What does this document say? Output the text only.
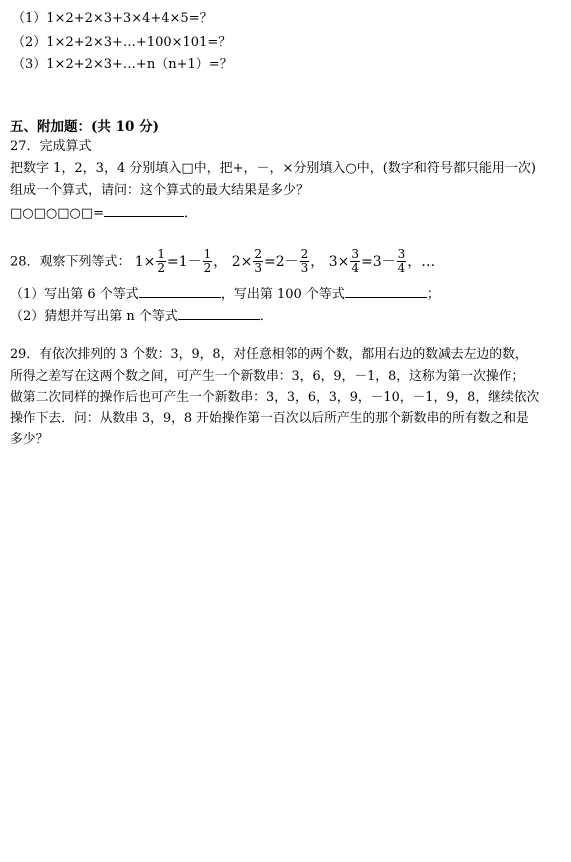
（1）1×2+2×3+3×4+4×5=？
（2）1×2+2×3+…+100×101=？
（3）1×2+2×3+…+n（n+1）=？
五、附加题：(共 10 分)
27．完成算式
把数字 1，2，3，4 分别填入□中，把+，－，×分别填入○中，(数字和符号都只能用一次)
组成一个算式，请问：这个算式的最大结果是多少？
□○□○□○□=	．
28．观察下列等式： $1\times \frac{1}{2} =1- \frac{1}{2}$ ， $2\times \frac{2}{3} =2- \frac{2}{3}$ ， $3\times \frac{3}{4} =3- \frac{3}{4}$ ，…
（1）写出第 6 个等式	，写出第 100 个等式	；
（2）猜想并写出第 n 个等式	．
29．有依次排列的 3 个数：3，9，8，对任意相邻的两个数，都用右边的数减去左边的数，
所得之差写在这两个数之间，可产生一个新数串：3，6，9，－1，8，这称为第一次操作；
做第二次同样的操作后也可产生一个新数串：3，3，6，3，9，－10，－1，9，8，继续依次
操作下去．问：从数串 3，9，8 开始操作第一百次以后所产生的那个新数串的所有数之和是
多少？
